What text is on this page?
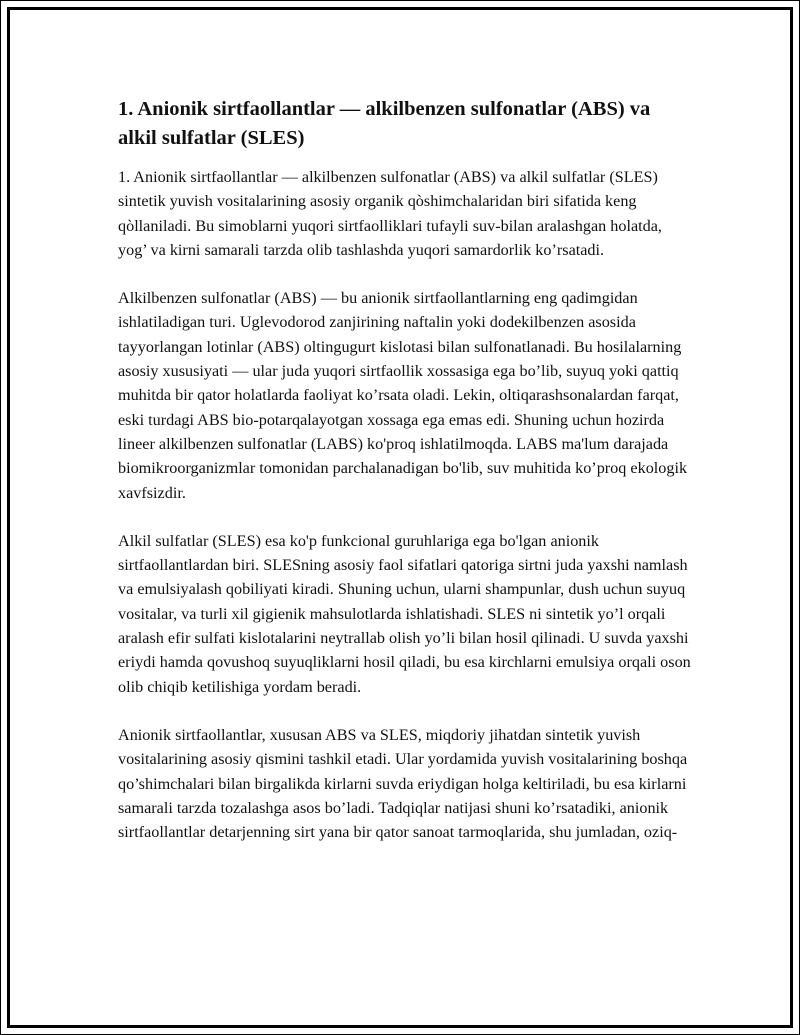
1. Anionik sirtfaollantlar — alkilbenzen sulfonatlar (ABS) va alkil sulfatlar (SLES)

1. Anionik sirtfaollantlar — alkilbenzen sulfonatlar (ABS) va alkil sulfatlar (SLES) sintetik yuvish vositalarining asosiy organik qòshimchalaridan biri sifatida keng qòllaniladi. Bu simoblarni yuqori sirtfaolliklari tufayli suv-bilan aralashgan holatda, yog’ va kirni samarali tarzda olib tashlashda yuqori samardorlik ko’rsatadi.

Alkilbenzen sulfonatlar (ABS) — bu anionik sirtfaollantlarning eng qadimgidan ishlatiladigan turi. Uglevodorod zanjirining naftalin yoki dodekilbenzen asosida tayyorlangan lotinlar (ABS) oltingugurt kislotasi bilan sulfonatlanadi. Bu hosilalarning asosiy xususiyati — ular juda yuqori sirtfaollik xossasiga ega bo’lib, suyuq yoki qattiq muhitda bir qator holatlarda faoliyat ko’rsata oladi. Lekin, oltiqarashsonalardan farqat, eski turdagi ABS bio-potarqalayotgan xossaga ega emas edi. Shuning uchun hozirda lineer alkilbenzen sulfonatlar (LABS) ko'proq ishlatilmoqda. LABS ma'lum darajada biomikroorganizmlar tomonidan parchalanadigan bo'lib, suv muhitida ko’proq ekologik xavfsizdir.

Alkil sulfatlar (SLES) esa ko'p funkcional guruhlariga ega bo'lgan anionik sirtfaollantlardan biri. SLESning asosiy faol sifatlari qatoriga sirtni juda yaxshi namlash va emulsiyalash qobiliyati kiradi. Shuning uchun, ularni shampunlar, dush uchun suyuq vositalar, va turli xil gigienik mahsulotlarda ishlatishadi. SLES ni sintetik yo’l orqali aralash efir sulfati kislotalarini neytrallab olish yo’li bilan hosil qilinadi. U suvda yaxshi eriydi hamda qovushoq suyuqliklarni hosil qiladi, bu esa kirchlarni emulsiya orqali oson olib chiqib ketilishiga yordam beradi.

Anionik sirtfaollantlar, xususan ABS va SLES, miqdoriy jihatdan sintetik yuvish vositalarining asosiy qismini tashkil etadi. Ular yordamida yuvish vositalarining boshqa qo’shimchalari bilan birgalikda kirlarni suvda eriydigan holga keltiriladi, bu esa kirlarni samarali tarzda tozalashga asos bo’ladi. Tadqiqlar natijasi shuni ko’rsatadiki, anionik sirtfaollantlar detarjenning sirt yana bir qator sanoat tarmoqlarida, shu jumladan, oziq-
